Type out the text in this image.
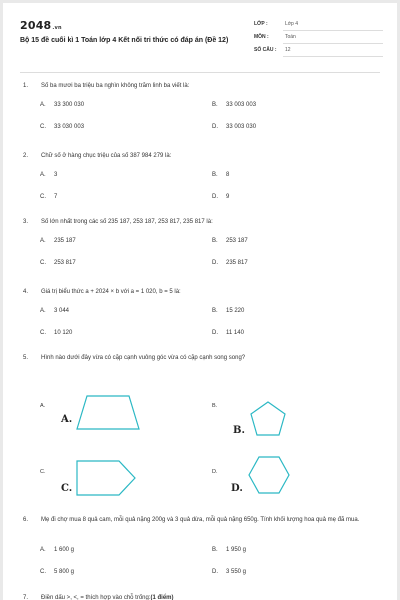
2048.vn
Bộ 15 đề cuối kì 1 Toán lớp 4 Kết nối tri thức có đáp án (Đề 12)
LỚP :	Lớp 4
MÔN :	Toán
SỐ CÂU : 12
1. Số ba mươi ba triệu ba nghìn không trăm linh ba viết là:
A. 33 300 030	B. 33 003 003
C. 33 030 003	D. 33 003 030
2. Chữ số ở hàng chục triệu của số 387 984 279 là:
A. 3	B. 8
C. 7	D. 9
3. Số lớn nhất trong các số 235 187, 253 187, 253 817, 235 817 là:
A. 235 187	B. 253 187
C. 253 817	D. 235 817
4. Giá trị biểu thức a + 2024 × b với a = 1 020, b = 5 là:
A. 3 044	B. 15 220
C. 10 120	D. 11 140
5. Hình nào dưới đây vừa có cặp cạnh vuông góc vừa có cặp cạnh song song?
A.
A.
B.
B.
C.
C.
D.
D.
6. Mẹ đi chợ mua 8 quả cam, mỗi quả nặng 200g và 3 quả dừa, mỗi quả nặng 650g. Tính khối lượng hoa quả mẹ đã mua.
A. 1 600 g	B. 1 950 g
C. 5 800 g	D. 3 550 g
7. Điền dấu >, <, = thích hợp vào chỗ trống:(1 điểm)
